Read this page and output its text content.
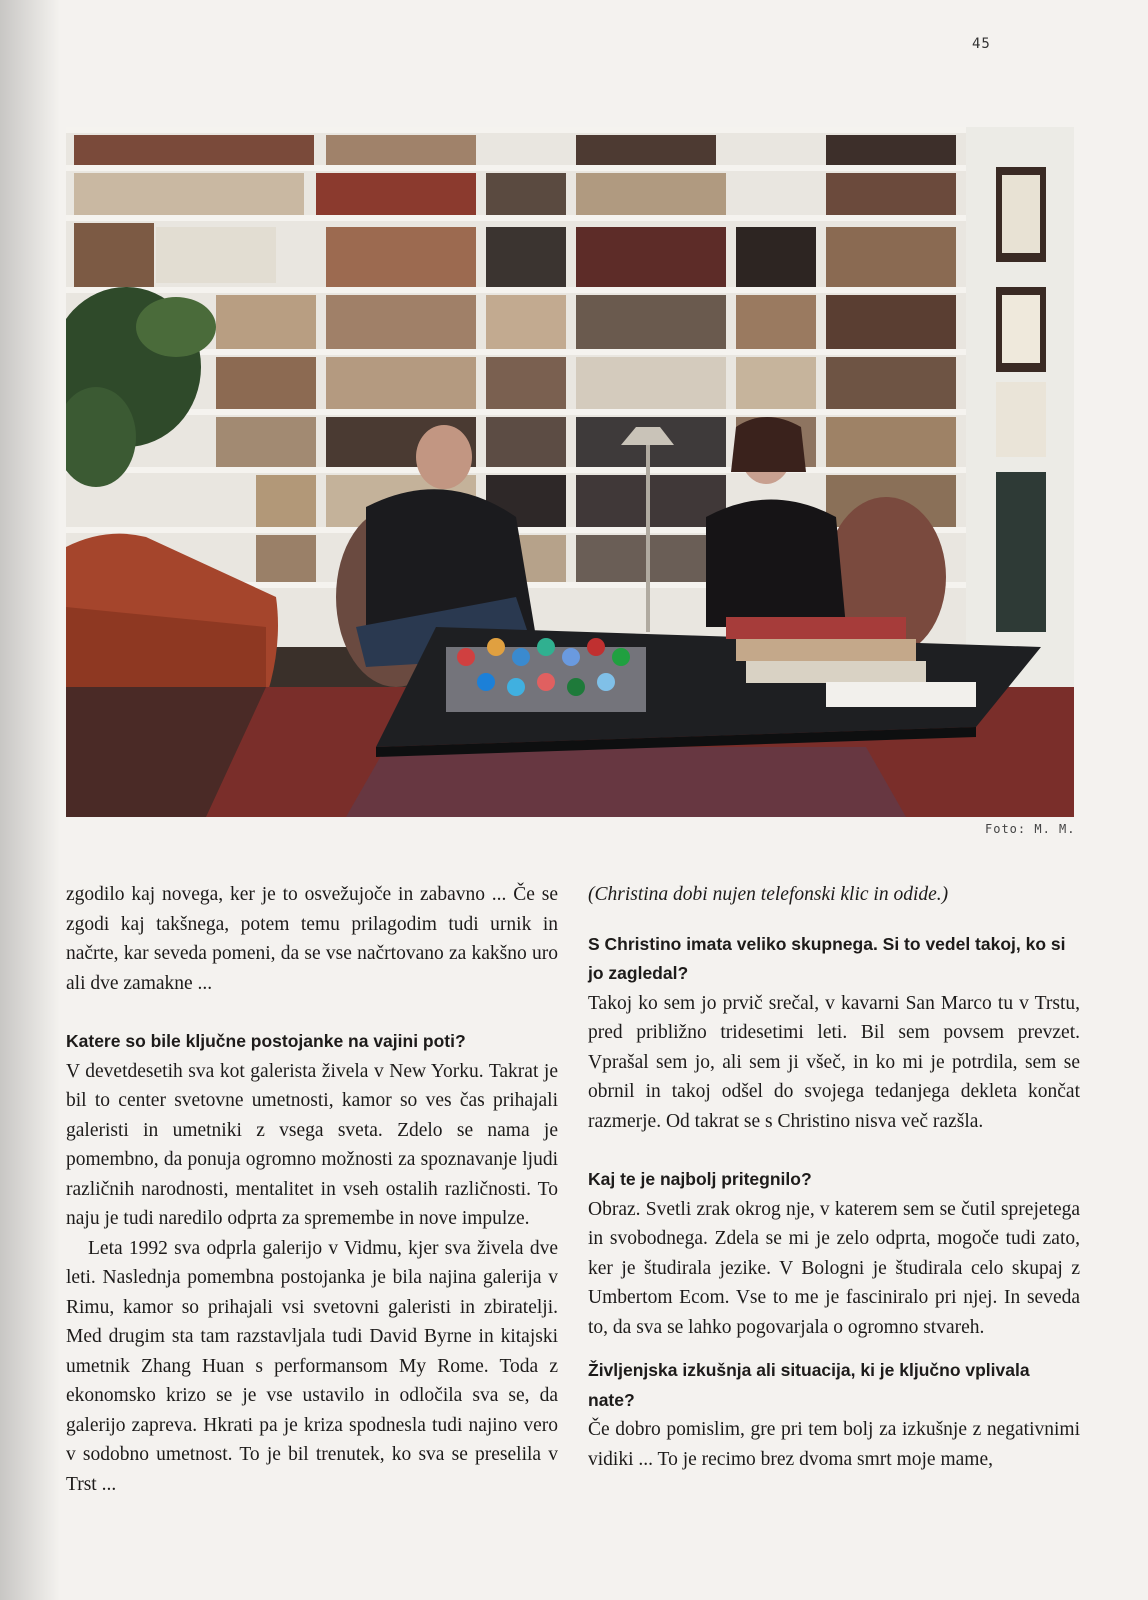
45
Foto: M. M.

zgodilo kaj novega, ker je to osvežujoče in zabavno ... Če se zgodi kaj takšnega, potem temu prilagodim tudi urnik in načrte, kar seveda pomeni, da se vse načrtovano za kakšno uro ali dve zamakne ...

Katere so bile ključne postojanke na vajini poti?

V devetdesetih sva kot galerista živela v New Yorku. Takrat je bil to center svetovne umetnosti, kamor so ves čas prihajali galeristi in umetniki z vsega sveta. Zdelo se nama je pomembno, da ponuja ogromno možnosti za spoznavanje ljudi različnih narodnosti, mentalitet in vseh ostalih različnosti. To naju je tudi naredilo odprta za spremembe in nove impulze.

Leta 1992 sva odprla galerijo v Vidmu, kjer sva živela dve leti. Naslednja pomembna postojanka je bila najina galerija v Rimu, kamor so prihajali vsi svetovni galeristi in zbiratelji. Med drugim sta tam razstavljala tudi David Byrne in kitajski umetnik Zhang Huan s performansom My Rome. Toda z ekonomsko krizo se je vse ustavilo in odločila sva se, da galerijo zapreva. Hkrati pa je kriza spodnesla tudi najino vero v sodobno umetnost. To je bil trenutek, ko sva se preselila v Trst ...

(Christina dobi nujen telefonski klic in odide.)

S Christino imata veliko skupnega. Si to vedel takoj, ko si jo zagledal?

Takoj ko sem jo prvič srečal, v kavarni San Marco tu v Trstu, pred približno tridesetimi leti. Bil sem povsem prevzet. Vprašal sem jo, ali sem ji všeč, in ko mi je potrdila, sem se obrnil in takoj odšel do svojega tedanjega dekleta končat razmerje. Od takrat se s Christino nisva več razšla.

Kaj te je najbolj pritegnilo?

Obraz. Svetli zrak okrog nje, v katerem sem se čutil sprejetega in svobodnega. Zdela se mi je zelo odprta, mogoče tudi zato, ker je študirala jezike. V Bologni je študirala celo skupaj z Umbertom Ecom. Vse to me je fasciniralo pri njej. In seveda to, da sva se lahko pogovarjala o ogromno stvareh.

Življenjska izkušnja ali situacija, ki je ključno vplivala nate?

Če dobro pomislim, gre pri tem bolj za izkušnje z negativnimi vidiki ... To je recimo brez dvoma smrt moje mame,
